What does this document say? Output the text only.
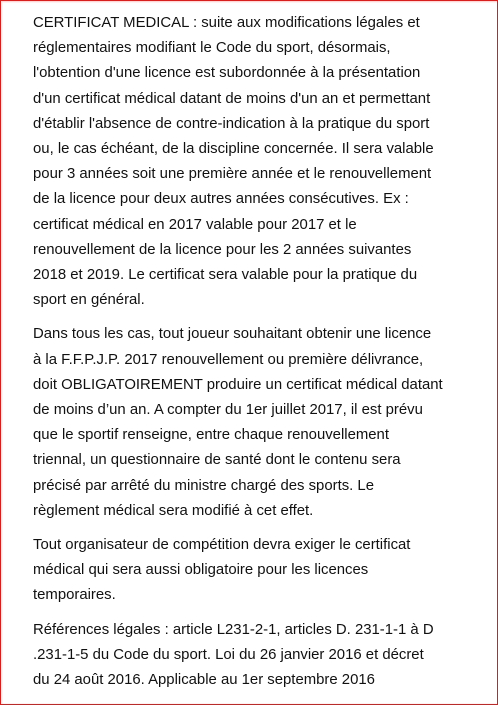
CERTIFICAT MEDICAL : suite aux modifications légales et
réglementaires modifiant le Code du sport, désormais,
l'obtention d'une licence est subordonnée à la présentation
d'un certificat médical datant de moins d'un an et permettant
d'établir l'absence de contre-indication à la pratique du sport
ou, le cas échéant, de la discipline concernée. Il sera valable
pour 3 années soit une première année et le renouvellement
de la licence pour deux autres années consécutives. Ex :
certificat médical en 2017 valable pour 2017 et le
renouvellement de la licence pour les 2 années suivantes
2018 et 2019. Le certificat sera valable pour la pratique du
sport en général.

Dans tous les cas, tout joueur souhaitant obtenir une licence
à la F.F.P.J.P. 2017 renouvellement ou première délivrance,
doit OBLIGATOIREMENT produire un certificat médical datant
de moins d’un an. A compter du 1er juillet 2017, il est prévu
que le sportif renseigne, entre chaque renouvellement
triennal, un questionnaire de santé dont le contenu sera
précisé par arrêté du ministre chargé des sports. Le
règlement médical sera modifié à cet effet.

Tout organisateur de compétition devra exiger le certificat
médical qui sera aussi obligatoire pour les licences
temporaires.

Références légales : article L231-2-1, articles D. 231-1-1 à D
.231-1-5 du Code du sport. Loi du 26 janvier 2016 et décret
du 24 août 2016. Applicable au 1er septembre 2016
